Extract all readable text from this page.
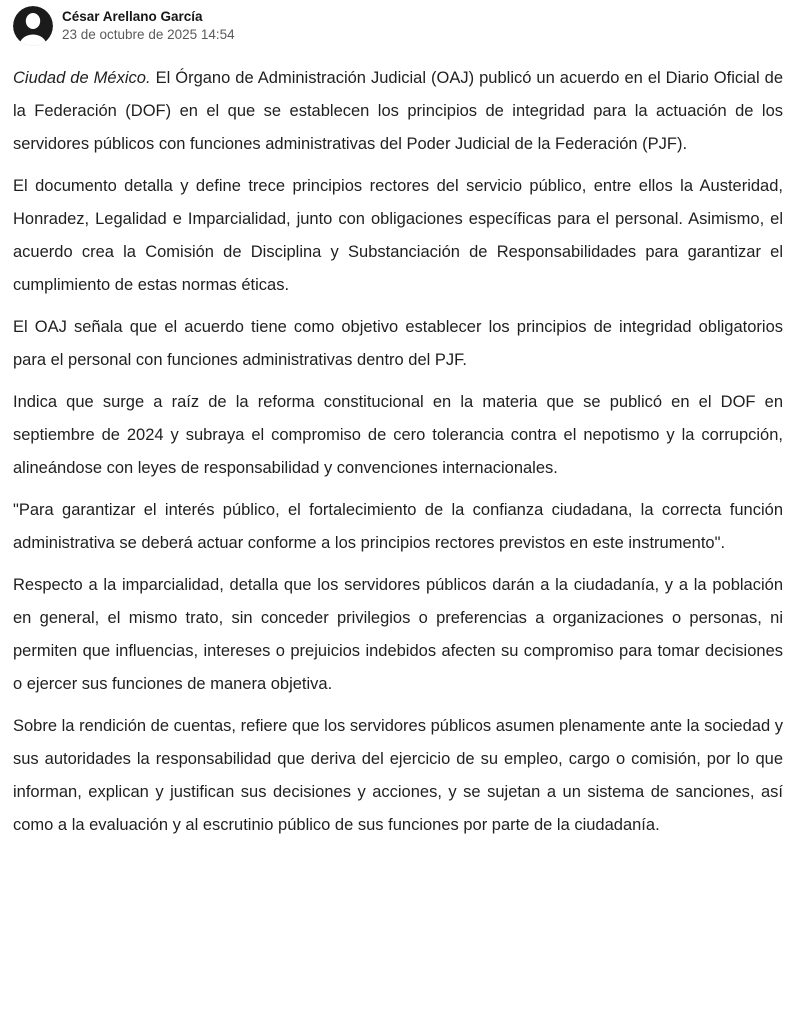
César Arellano García
23 de octubre de 2025 14:54

Ciudad de México. El Órgano de Administración Judicial (OAJ) publicó un acuerdo en el Diario Oficial de la Federación (DOF) en el que se establecen los principios de integridad para la actuación de los servidores públicos con funciones administrativas del Poder Judicial de la Federación (PJF).

El documento detalla y define trece principios rectores del servicio público, entre ellos la Austeridad, Honradez, Legalidad e Imparcialidad, junto con obligaciones específicas para el personal. Asimismo, el acuerdo crea la Comisión de Disciplina y Substanciación de Responsabilidades para garantizar el cumplimiento de estas normas éticas.

El OAJ señala que el acuerdo tiene como objetivo establecer los principios de integridad obligatorios para el personal con funciones administrativas dentro del PJF.

Indica que surge a raíz de la reforma constitucional en la materia que se publicó en el DOF en septiembre de 2024 y subraya el compromiso de cero tolerancia contra el nepotismo y la corrupción, alineándose con leyes de responsabilidad y convenciones internacionales.

"Para garantizar el interés público, el fortalecimiento de la confianza ciudadana, la correcta función administrativa se deberá actuar conforme a los principios rectores previstos en este instrumento".

Respecto a la imparcialidad, detalla que los servidores públicos darán a la ciudadanía, y a la población en general, el mismo trato, sin conceder privilegios o preferencias a organizaciones o personas, ni permiten que influencias, intereses o prejuicios indebidos afecten su compromiso para tomar decisiones o ejercer sus funciones de manera objetiva.

Sobre la rendición de cuentas, refiere que los servidores públicos asumen plenamente ante la sociedad y sus autoridades la responsabilidad que deriva del ejercicio de su empleo, cargo o comisión, por lo que informan, explican y justifican sus decisiones y acciones, y se sujetan a un sistema de sanciones, así como a la evaluación y al escrutinio público de sus funciones por parte de la ciudadanía.
